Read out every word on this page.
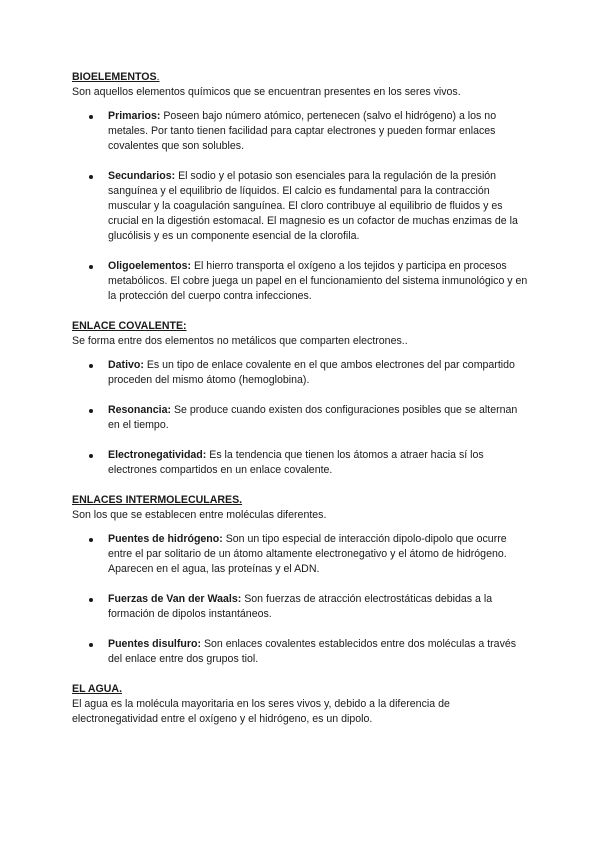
BIOELEMENTOS.

Son aquellos elementos químicos que se encuentran presentes en los seres vivos.

Primarios: Poseen bajo número atómico, pertenecen (salvo el hidrógeno) a los no metales. Por tanto tienen facilidad para captar electrones y pueden formar enlaces covalentes que son solubles.
Secundarios: El sodio y el potasio son esenciales para la regulación de la presión sanguínea y el equilibrio de líquidos. El calcio es fundamental para la contracción muscular y la coagulación sanguínea. El cloro contribuye al equilibrio de fluidos y es crucial en la digestión estomacal. El magnesio es un cofactor de muchas enzimas de la glucólisis y es un componente esencial de la clorofila.
Oligoelementos: El hierro transporta el oxígeno a los tejidos y participa en procesos metabólicos. El cobre juega un papel en el funcionamiento del sistema inmunológico y en la protección del cuerpo contra infecciones.

ENLACE COVALENTE:

Se forma entre dos elementos no metálicos que comparten electrones..

Dativo: Es un tipo de enlace covalente en el que ambos electrones del par compartido proceden del mismo átomo (hemoglobina).
Resonancia: Se produce cuando existen dos configuraciones posibles que se alternan en el tiempo.
Electronegatividad: Es la tendencia que tienen los átomos a atraer hacia sí los electrones compartidos en un enlace covalente.

ENLACES INTERMOLECULARES.

Son los que se establecen entre moléculas diferentes.

Puentes de hidrógeno: Son un tipo especial de interacción dipolo-dipolo que ocurre entre el par solitario de un átomo altamente electronegativo y el átomo de hidrógeno. Aparecen en el agua, las proteínas y el ADN.
Fuerzas de Van der Waals: Son fuerzas de atracción electrostáticas debidas a la formación de dipolos instantáneos.
Puentes disulfuro: Son enlaces covalentes establecidos entre dos moléculas a través del enlace entre dos grupos tiol.

EL AGUA.

El agua es la molécula mayoritaria en los seres vivos y, debido a la diferencia de electronegatividad entre el oxígeno y el hidrógeno, es un dipolo.
